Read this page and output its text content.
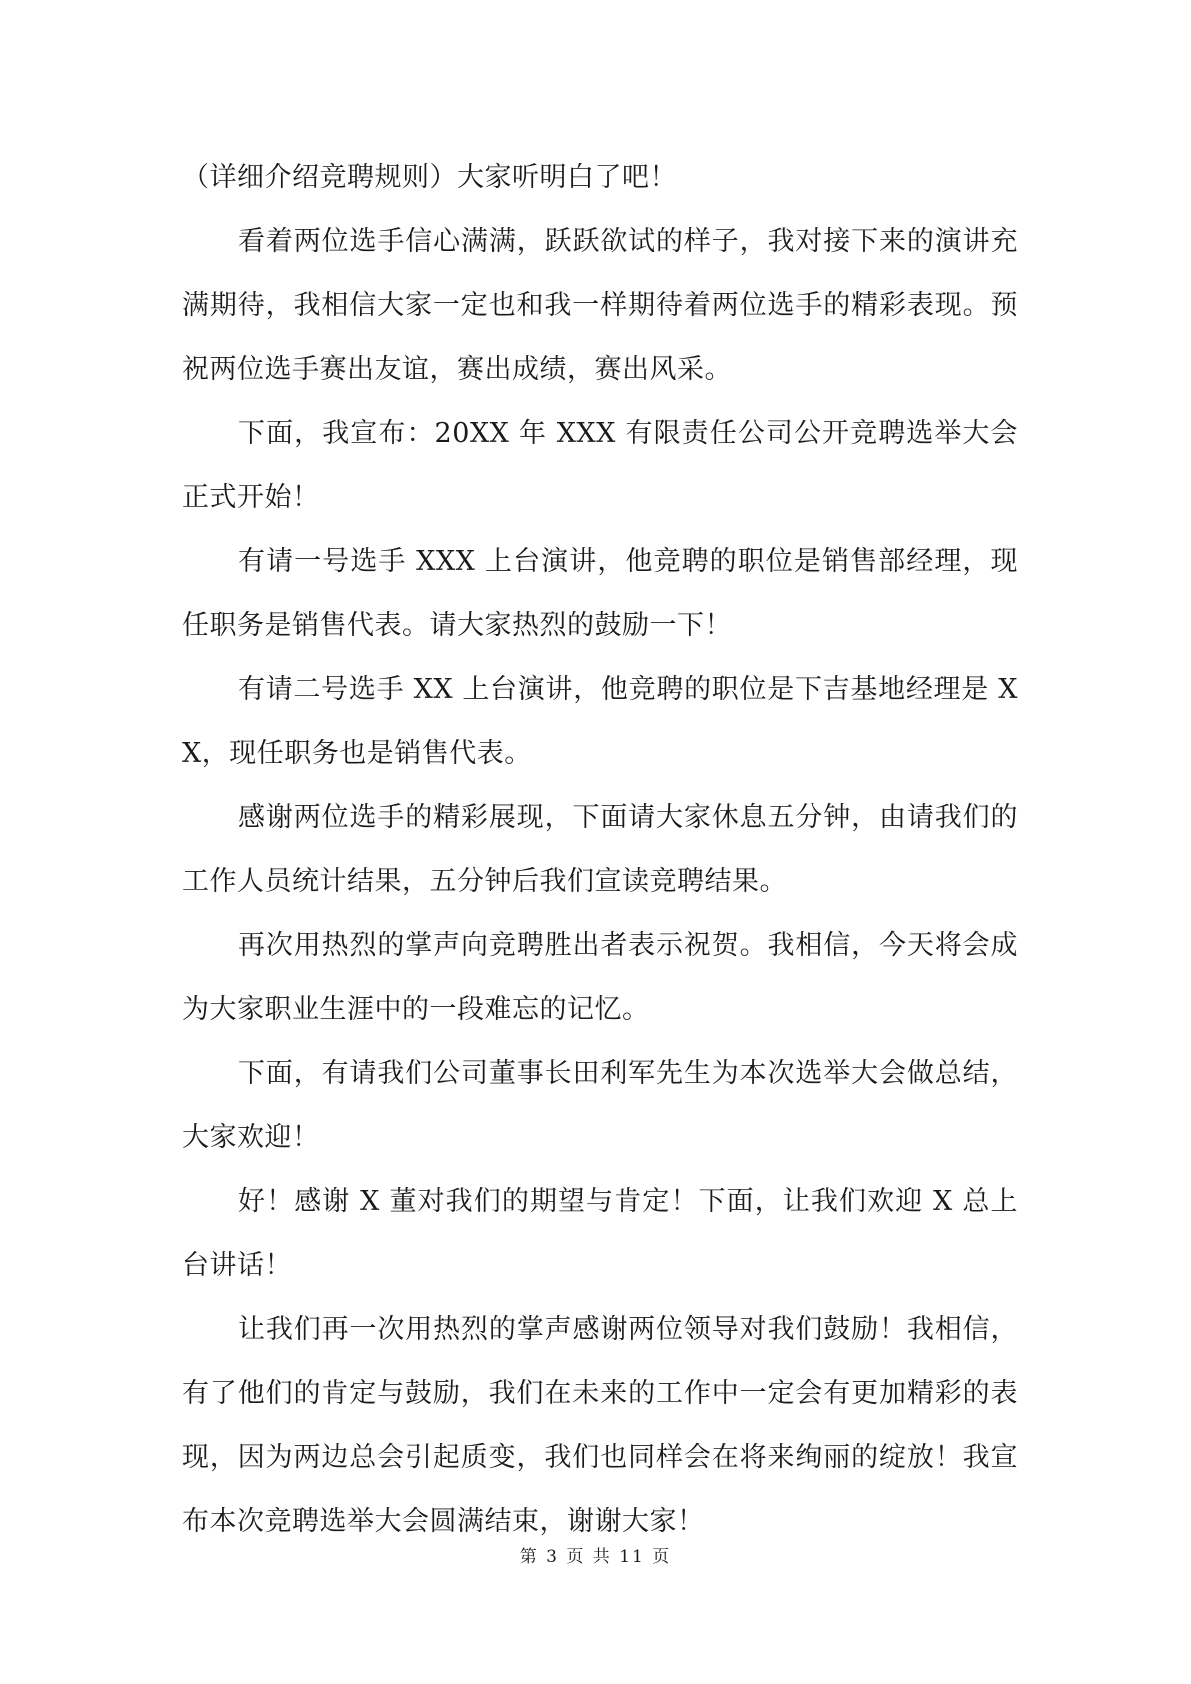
（详细介绍竞聘规则）大家听明白了吧！

看着两位选手信心满满，跃跃欲试的样子，我对接下来的演讲充满期待，我相信大家一定也和我一样期待着两位选手的精彩表现。预祝两位选手赛出友谊，赛出成绩，赛出风采。

下面，我宣布：20XX 年 XXX 有限责任公司公开竞聘选举大会正式开始！

有请一号选手 XXX 上台演讲，他竞聘的职位是销售部经理，现任职务是销售代表。请大家热烈的鼓励一下！

有请二号选手 XX 上台演讲，他竞聘的职位是下吉基地经理是 XX，现任职务也是销售代表。

感谢两位选手的精彩展现，下面请大家休息五分钟，由请我们的工作人员统计结果，五分钟后我们宣读竞聘结果。

再次用热烈的掌声向竞聘胜出者表示祝贺。我相信，今天将会成为大家职业生涯中的一段难忘的记忆。

下面，有请我们公司董事长田利军先生为本次选举大会做总结，大家欢迎！

好！感谢 X 董对我们的期望与肯定！下面，让我们欢迎 X 总上台讲话！

让我们再一次用热烈的掌声感谢两位领导对我们鼓励！我相信，有了他们的肯定与鼓励，我们在未来的工作中一定会有更加精彩的表现，因为两边总会引起质变，我们也同样会在将来绚丽的绽放！我宣布本次竞聘选举大会圆满结束，谢谢大家！

第 3 页 共 11 页
